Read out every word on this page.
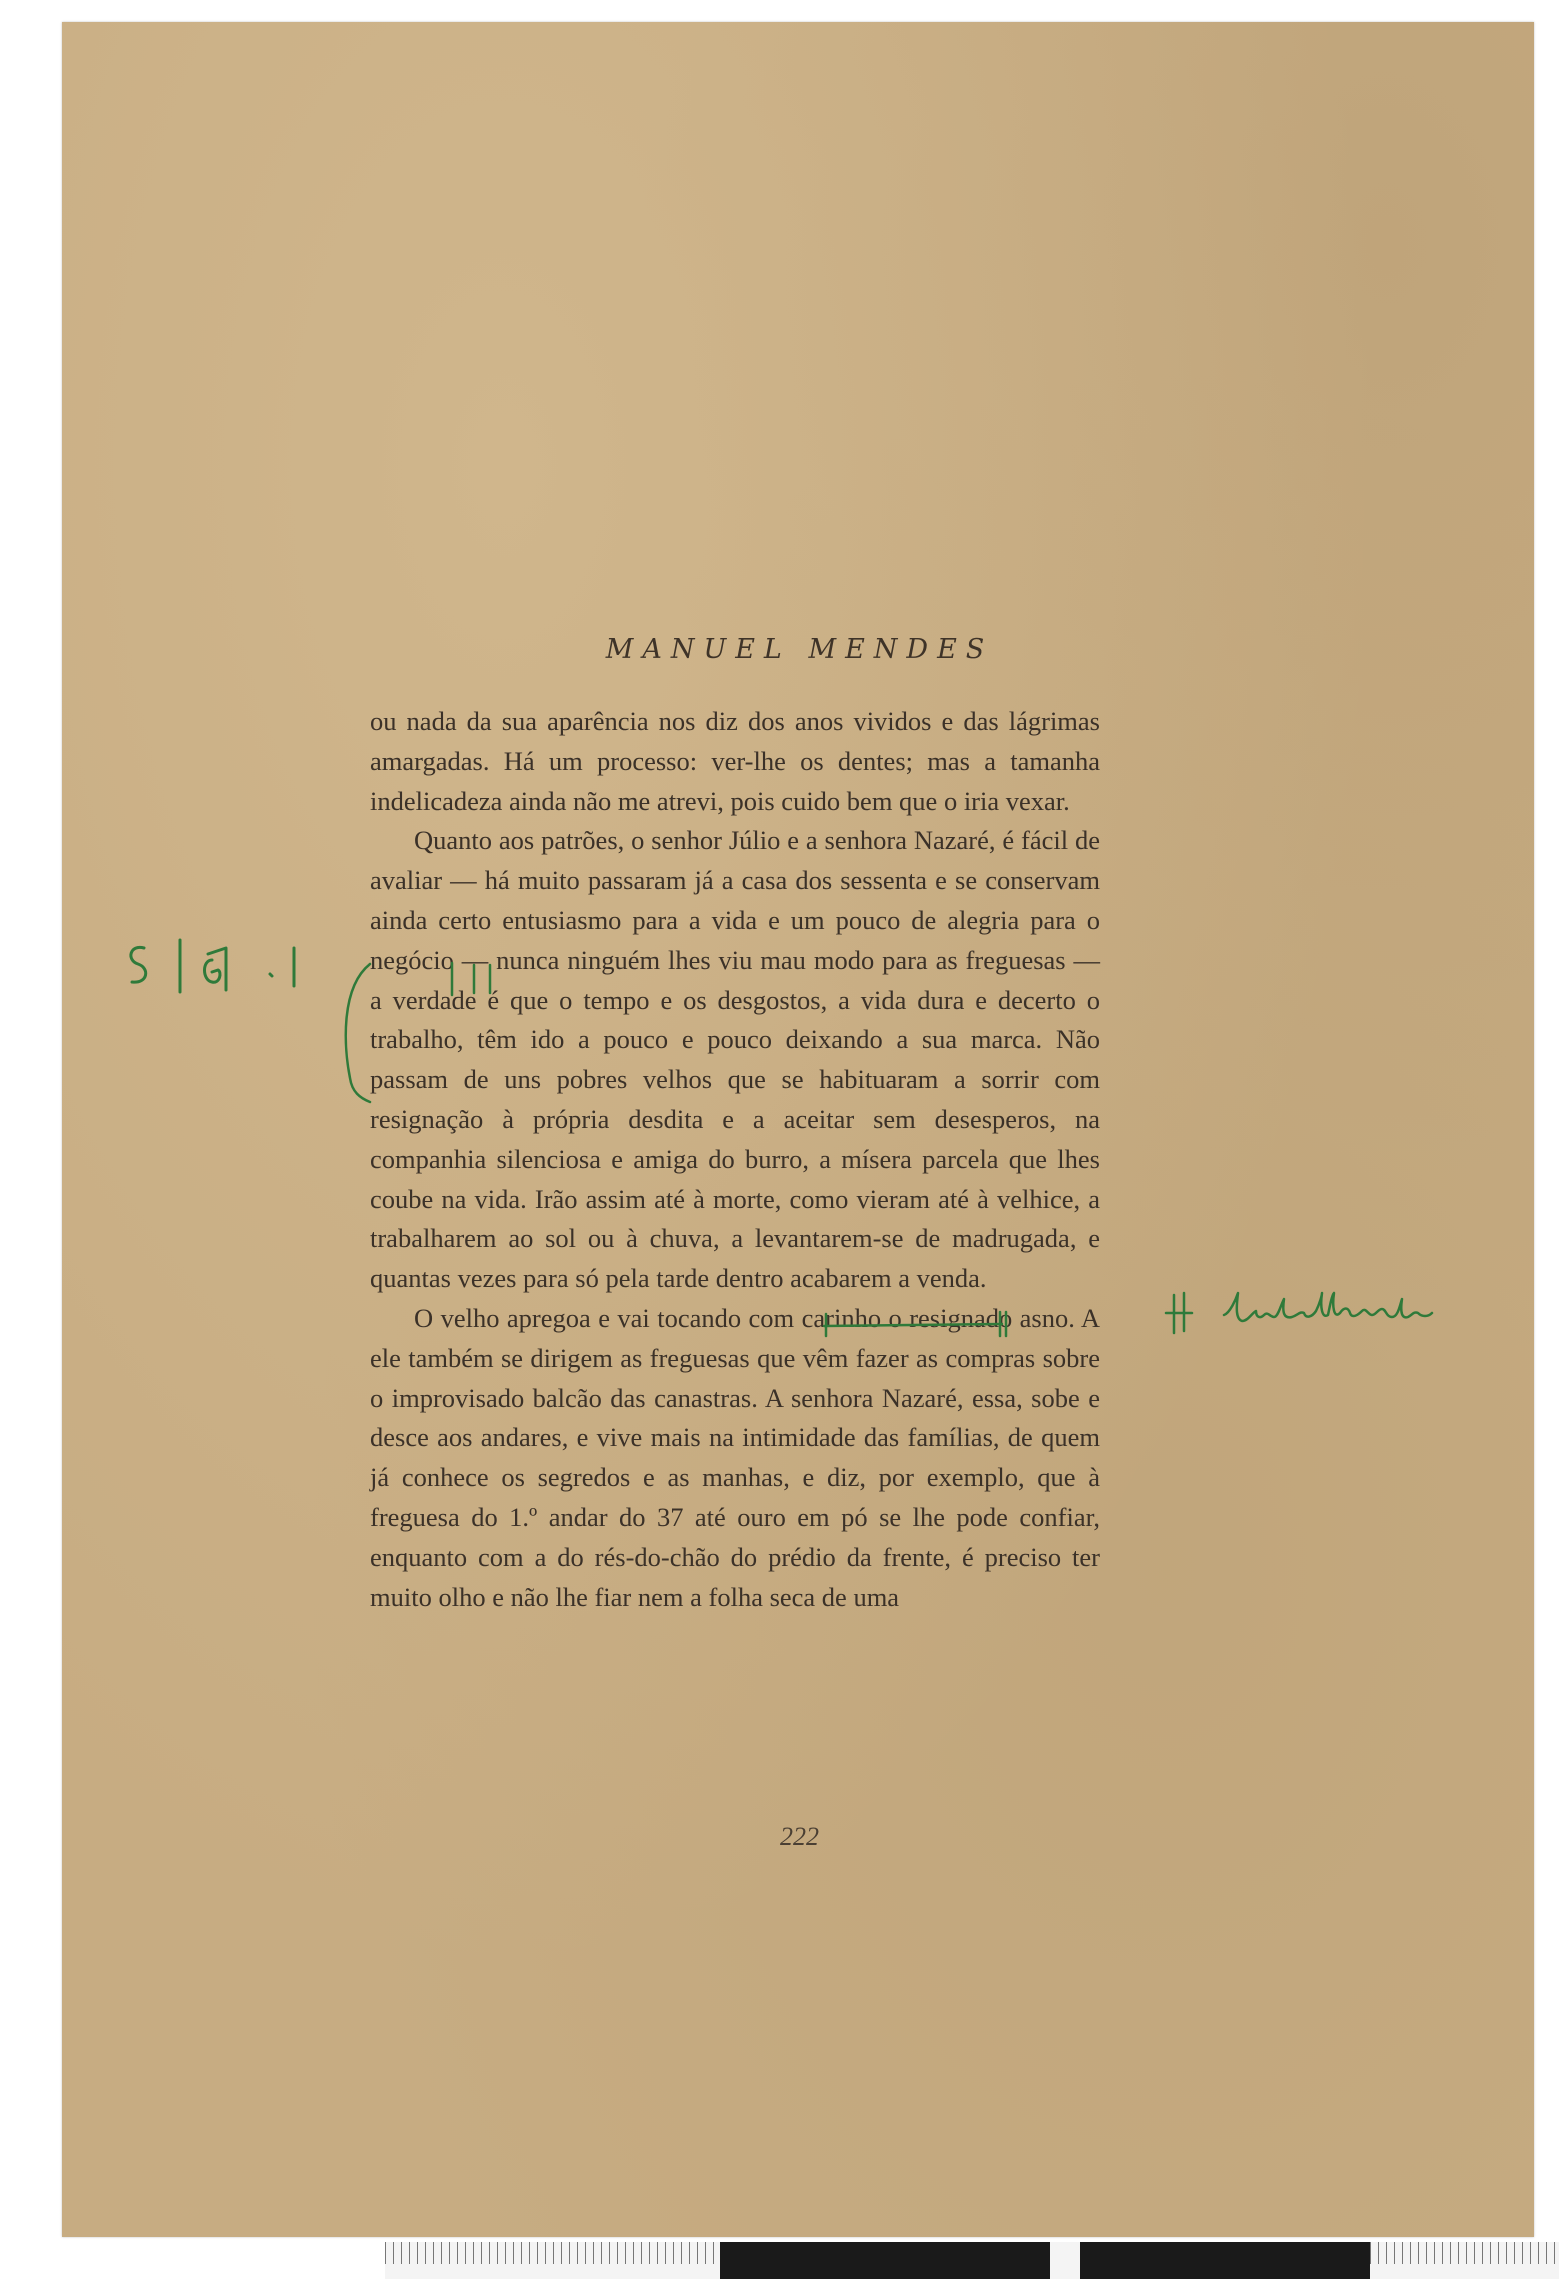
MANUEL MENDES

ou nada da sua aparência nos diz dos anos vividos e das lágrimas amargadas. Há um processo: ver-lhe os dentes; mas a tamanha indelicadeza ainda não me atrevi, pois cuido bem que o iria vexar.

Quanto aos patrões, o senhor Júlio e a senhora Nazaré, é fácil de avaliar — há muito passaram já a casa dos sessenta e se conservam ainda certo entusiasmo para a vida e um pouco de alegria para o negócio — nunca ninguém lhes viu mau modo para as freguesas — a verdade é que o tempo e os desgostos, a vida dura e decerto o trabalho, têm ido a pouco e pouco deixando a sua marca. Não passam de uns pobres velhos que se habituaram a sorrir com resignação à própria desdita e a aceitar sem desesperos, na companhia silenciosa e amiga do burro, a mísera parcela que lhes coube na vida. Irão assim até à morte, como vieram até à velhice, a trabalharem ao sol ou à chuva, a levantarem-se de madrugada, e quantas vezes para só pela tarde dentro acabarem a venda.

O velho apregoa e vai tocando com carinho o resignado asno. A ele também se dirigem as freguesas que vêm fazer as compras sobre o improvisado balcão das canastras. A senhora Nazaré, essa, sobe e desce aos andares, e vive mais na intimidade das famílias, de quem já conhece os segredos e as manhas, e diz, por exemplo, que à freguesa do 1.º andar do 37 até ouro em pó se lhe pode confiar, enquanto com a do rés-do-chão do prédio da frente, é preciso ter muito olho e não lhe fiar nem a folha seca de uma

222
